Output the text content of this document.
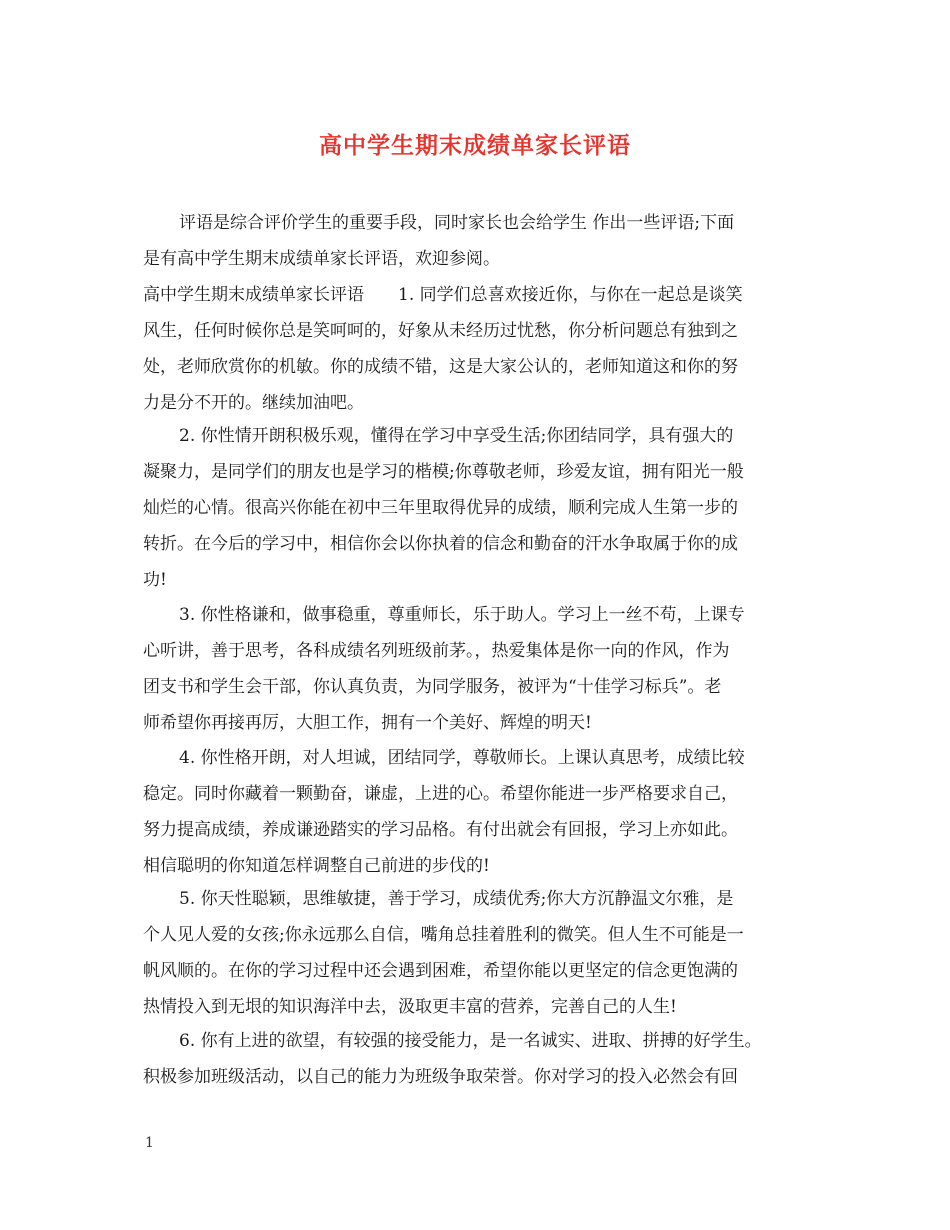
高中学生期末成绩单家长评语
评语是综合评价学生的重要手段，同时家长也会给学生 作出一些评语;下面
是有高中学生期末成绩单家长评语，欢迎参阅。
高中学生期末成绩单家长评语　　1. 同学们总喜欢接近你，与你在一起总是谈笑
风生，任何时候你总是笑呵呵的，好象从未经历过忧愁，你分析问题总有独到之
处，老师欣赏你的机敏。你的成绩不错，这是大家公认的，老师知道这和你的努
力是分不开的。继续加油吧。
2. 你性情开朗积极乐观，懂得在学习中享受生活;你团结同学，具有强大的
凝聚力，是同学们的朋友也是学习的楷模;你尊敬老师，珍爱友谊，拥有阳光一般
灿烂的心情。很高兴你能在初中三年里取得优异的成绩，顺利完成人生第一步的
转折。在今后的学习中，相信你会以你执着的信念和勤奋的汗水争取属于你的成
功!
3. 你性格谦和，做事稳重，尊重师长，乐于助人。学习上一丝不苟，上课专
心听讲，善于思考，各科成绩名列班级前茅。，热爱集体是你一向的作风，作为
团支书和学生会干部，你认真负责，为同学服务，被评为“十佳学习标兵”。老
师希望你再接再厉，大胆工作，拥有一个美好、辉煌的明天!
4. 你性格开朗，对人坦诚，团结同学，尊敬师长。上课认真思考，成绩比较
稳定。同时你藏着一颗勤奋，谦虚，上进的心。希望你能进一步严格要求自己，
努力提高成绩，养成谦逊踏实的学习品格。有付出就会有回报，学习上亦如此。
相信聪明的你知道怎样调整自己前进的步伐的!
5. 你天性聪颖，思维敏捷，善于学习，成绩优秀;你大方沉静温文尔雅，是
个人见人爱的女孩;你永远那么自信，嘴角总挂着胜利的微笑。但人生不可能是一
帆风顺的。在你的学习过程中还会遇到困难，希望你能以更坚定的信念更饱满的
热情投入到无垠的知识海洋中去，汲取更丰富的营养，完善自己的人生!
6. 你有上进的欲望，有较强的接受能力，是一名诚实、进取、拼搏的好学生。
积极参加班级活动，以自己的能力为班级争取荣誉。你对学习的投入必然会有回
1
